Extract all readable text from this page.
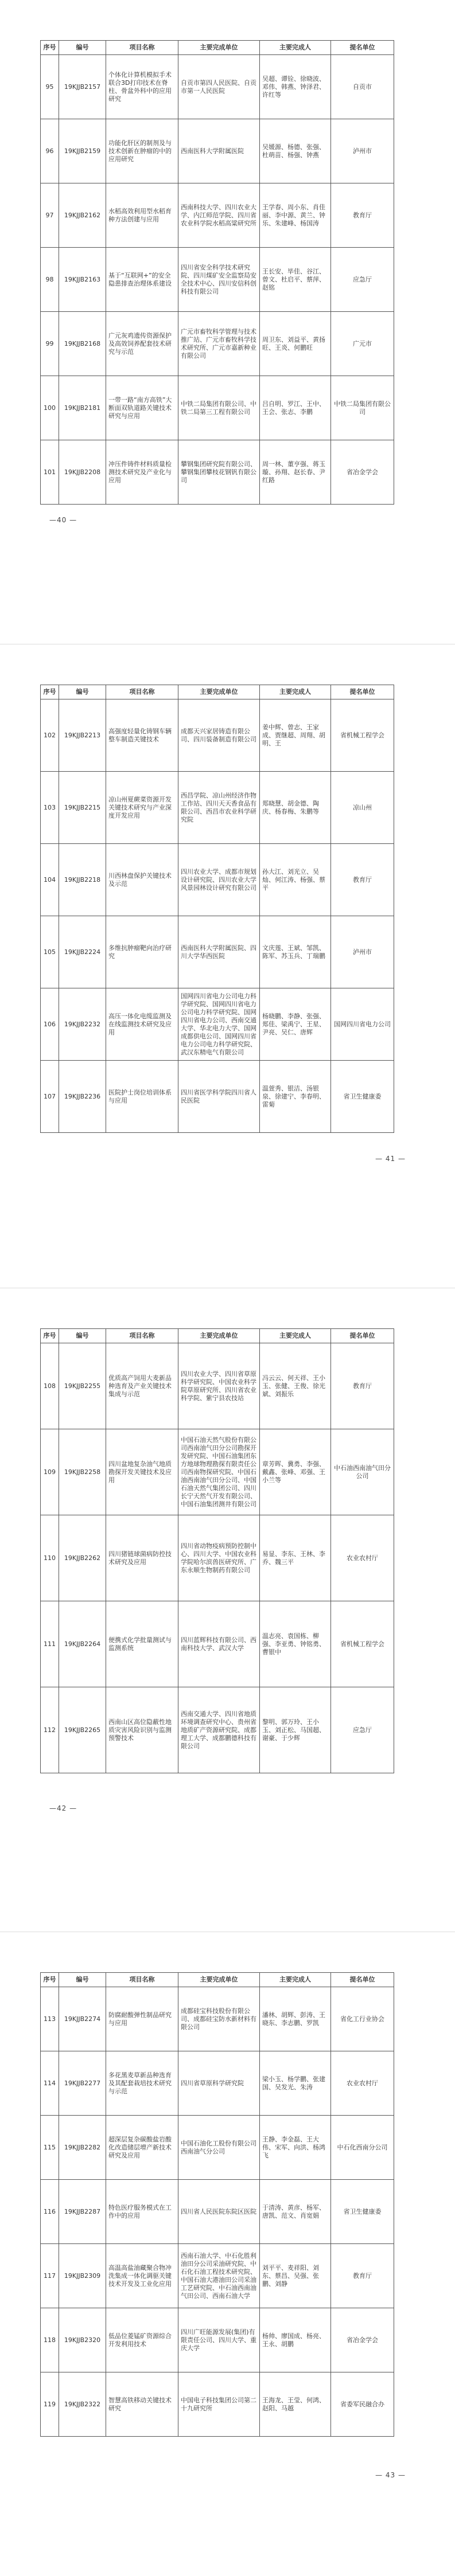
序号	编号	项目名称	主要完成单位	主要完成人	提名单位
95	19KJJB2157	个体化计算机模拟手术联合3D打印技术在脊柱、骨盆外科中的应用研究	自贡市第四人民医院、自贡市第一人民医院	吴超、谭铨、徐晓波、邓伟、韩燕、钟泽君、许红等	自贡市
96	19KJJB2159	功能化肝区的制剂及与技术创新在肿瘤的中的应用研究	西南医科大学附属医院	吴媛源、杨德、张强、杜萌苗、杨强、钟燕	泸州市
97	19KJJB2162	水稻高效利用型水稻育种方法创建与应用	西南科技大学、四川农业大学、内江师范学院、四川省农业科学院水稻高粱研究所	王学春、周小东、肖佳丽、李中源、黄兰、钟乐、朱建峰、杨国涛	教育厅
98	19KJJB2163	基于“互联网+”的安全隐患排查治理体系建设	四川省安全科学技术研究院、四川煤矿安全监察局安全技术中心、四川安信科创科技有限公司	王长安、毕佳、谷江、曾文、杜启平、蔡萍、赵铭	应急厅
99	19KJJB2168	广元灰鸡遗传资源保护及高效饲养配套技术研究与示范	广元市畜牧科学管理与技术推广站、广元市畜牧科学技术研究所、广元市嘉新种业有限公司	周卫东、刘益平、黄扬旺、王炎、何鹏旺	广元市
100	19KJJB2181	一带一路“南方高铁”大断面双轨道路关键技术研究与应用	中铁二局集团有限公司、中铁二局第三工程有限公司	吕自明、罗江、王中、王会、张志、李鹏	中铁二局集团有限公司
101	19KJJB2208	冲压件铸件材料质量检测技术研究及产业化与应用	攀钢集团研究院有限公司、攀钢集团攀枝花钢钒有限公司	周一林、董亨强、蒋玉璇、孙翔、赵长春、尹红路	省冶金学会
—40 —
序号	编号	项目名称	主要完成单位	主要完成人	提名单位
102	19KJJB2213	高强度轻量化铸钢车辆整车制造关键技术	成都天兴家居铸造有限公司、四川装备制造有限公司	姜中辉、曾志、王家成、贾继超、周翔、胡明、王	省机械工程学会
103	19KJJB2215	凉山州夏蕨菜资源开发关键技术研究与产业深度开发应用	西昌学院、凉山州经济作物工作站、四川天天香食品有限公司、西昌市农业科学研究院	郑晓慧、胡金德、陶庆、杨春梅、朱鹏等	凉山州
104	19KJJB2218	川西林盘保护关键技术及示范	四川农业大学、成都市规划设计研究院、四川农业大学风景园林设计研究有限公司	孙大江、刘光立、吴灿、何江涛、杨强、蔡平	教育厅
105	19KJJB2224	多维抗肿瘤靶向治疗研究	西南医科大学附属医院、四川大学华西医院	文庆莲、王斌、邹凯、陈军、苏玉兵、丁瑞鹏	泸州市
106	19KJJB2232	高压一体化电缆监测及在线监测技术研究及应用	国网四川省电力公司电力科学研究院、国网四川省电力公司电力科学研究院、国网四川省电力公司、西南交通大学、华北电力大学、国网成都供电公司、国网四川省电力公司电力科学研究院、武汉东精电气有限公司	杨晓鹏、李静、张强、郑佳、梁禹宁、王星、尹亮、吴仁、唐辉	国网四川省电力公司
107	19KJJB2236	医院护士岗位培训体系与应用	四川省医学科学院四川省人民医院	温萱秀、银洁、汤银泉、徐建宁、李春明、雷菊	省卫生健康委
— 41 —
序号	编号	项目名称	主要完成单位	主要完成人	提名单位
108	19KJJB2255	优质高产饲用大麦新品种选育及产业关键技术集成与示范	四川农业大学、四川省草原科学研究院、中国农业科学院草原研究所、四川省农业科学院、紫宁县农技站	冯云云、何天祥、王小玉、张健、王俊、徐光斌、刘振乐	教育厅
109	19KJJB2258	四川盆地复杂油气地质勘探开发关键技术及应用	中国石油天然气股份有限公司西南油气田分公司勘探开发研究院、中国石油集团东方地球物理勘探有限责任公司西南物探研究院、中国石油西南油气田分公司、中国石油天然气集团公司、四川长宁天然气开发有限公司、中国石油集团测井有限公司	章芳晖、冀勇、李强、戴鑫、张峰、邓强、王小兰等	中石油西南油气田分公司
110	19KJJB2262	四川猪链球菌病防控技术研究及应用	四川省动物疫病预防控制中心、四川大学、中国农业科学院哈尔滨兽医研究所、广东永顺生物制药有限公司	易显、李东、王林、李乔、魏三平	农业农村厅
111	19KJJB2264	便携式化学批量测试与监测系统	四川蓝辉科技有限公司、西南科技大学、武汉大学	温志亮、袁国栋、柳强、李亚勇、钟铭勇、曹银中	省机械工程学会
112	19KJJB2265	西南山区高位隐蔽性地质灾害风险识别与监测预警技术	西南交通大学、四川省地质环境调查研究中心、贵州省地质矿产资源研究院、成都理工大学、成都鹏德科技有限公司	黎明、郭万玲、王小玉、刘正松、马国超、谢豪、于少辉	应急厅
—42 —
序号	编号	项目名称	主要完成单位	主要完成人	提名单位
113	19KJJB2274	防腐耐酸弹性制品研究与应用	成都硅宝科技股份有限公司、成都硅宝防水新材料有限公司	潘林、胡辉、彭涛、王晓东、李志鹏、罗凯	省化工行业协会
114	19KJJB2277	多花黑麦草新品种选育及其配套栽培技术研究与示范	四川省草原科学研究院	梁小玉、杨学鹏、张建国、吴发光、朱涛	农业农村厅
115	19KJJB2282	超深层复杂碳酸盐岩酸化改造储层增产新技术研究及应用	中国石油化工股份有限公司西南油气分公司	王静、李金磊、王大伟、宋军、向洪、杨鸿飞	中石化西南分公司
116	19KJJB2287	特色医疗服务模式在工作中的应用	四川省人民医院东院区医院	于清涛、黄彦、杨军、唐凯、范文、肖宽娟	省卫生健康委
117	19KJJB2309	高温高盐油藏聚合物冲洗集成一体化调驱关键技术开发及工业化应用	西南石油大学、中石化胜利油田分公司采油研究院、中石化石油工程技术研究院、中国石油大港油田公司采油工艺研究院、中石油西南油气田公司、西南石油大学	刘平平、麦祥阳、刘东、蔡昌、吴强、张鹏、刘静	教育厅
118	19KJJB2320	低品位菱锰矿资源综合开发利用技术	四川广旺能源发展(集团)有限责任公司、四川大学、重庆大学	杨帅、廖国成、杨亮、王永、胡鹏	省冶金学会
119	19KJJB2322	智慧高铁移动关键技术研究	中国电子科技集团公司第二十九研究所	王海龙、王莹、何鸿、赵阳、马越	省委军民融合办
— 43 —
